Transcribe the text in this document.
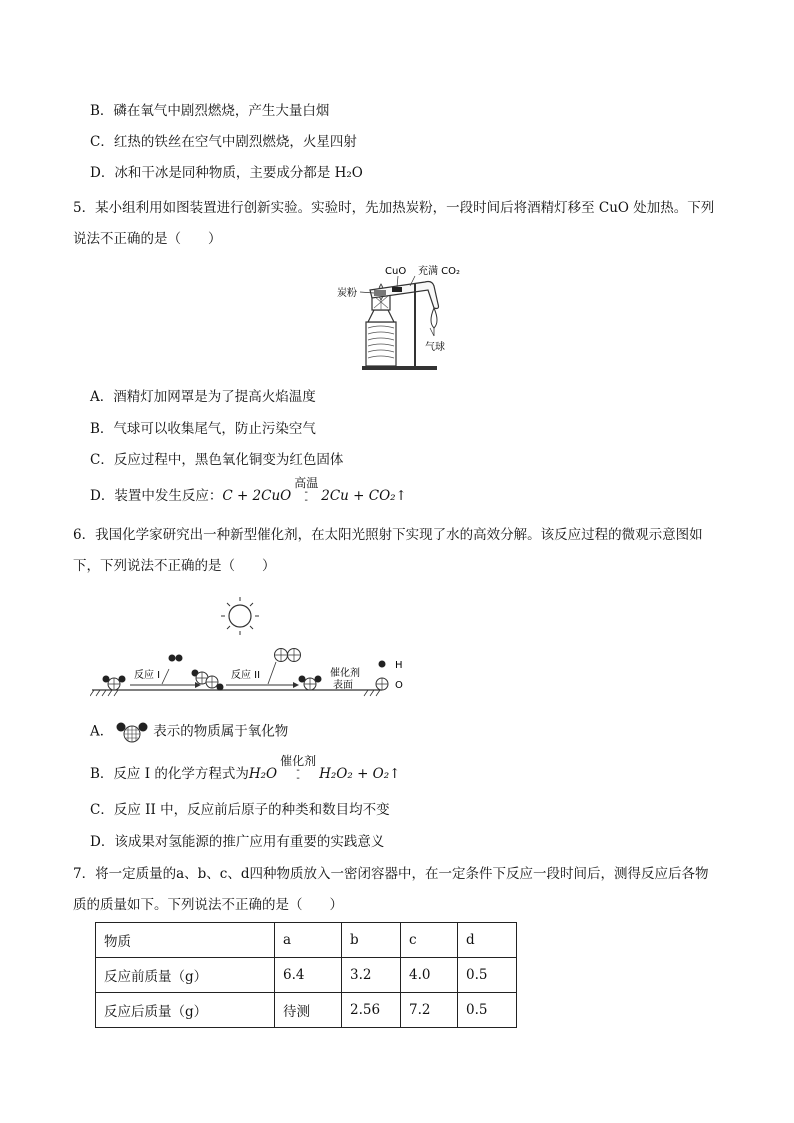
B．磷在氧气中剧烈燃烧，产生大量白烟
C．红热的铁丝在空气中剧烈燃烧，火星四射
D．冰和干冰是同种物质，主要成分都是 H₂O
5．某小组利用如图装置进行创新实验。实验时，先加热炭粉，一段时间后将酒精灯移至 CuO 处加热。下列
说法不正确的是（　　）
CuO 充满 CO₂
炭粉
气球
A．酒精灯加网罩是为了提高火焰温度
B．气球可以收集尾气，防止污染空气
C．反应过程中，黑色氧化铜变为红色固体
D．装置中发生反应：C + 2CuO
高温
-
- 2Cu + CO₂↑
6．我国化学家研究出一种新型催化剂，在太阳光照射下实现了水的高效分解。该反应过程的微观示意图如
下，下列说法不正确的是（　　）
反应 I	反应 II	催化剂
表面
H
O
A．	表示的物质属于氧化物
B．反应 I 的化学方程式为H₂O
催化剂
-
-	H₂O₂ + O₂↑
C．反应 II 中，反应前后原子的种类和数目均不变
D．该成果对氢能源的推广应用有重要的实践意义
7．将一定质量的a、b、c、d四种物质放入一密闭容器中，在一定条件下反应一段时间后，测得反应后各物
质的质量如下。下列说法不正确的是（　　）
物质	a	b	c	d
反应前质量（g）	6.4	3.2	4.0	0.5
反应后质量（g）	待测	2.56	7.2	0.5
